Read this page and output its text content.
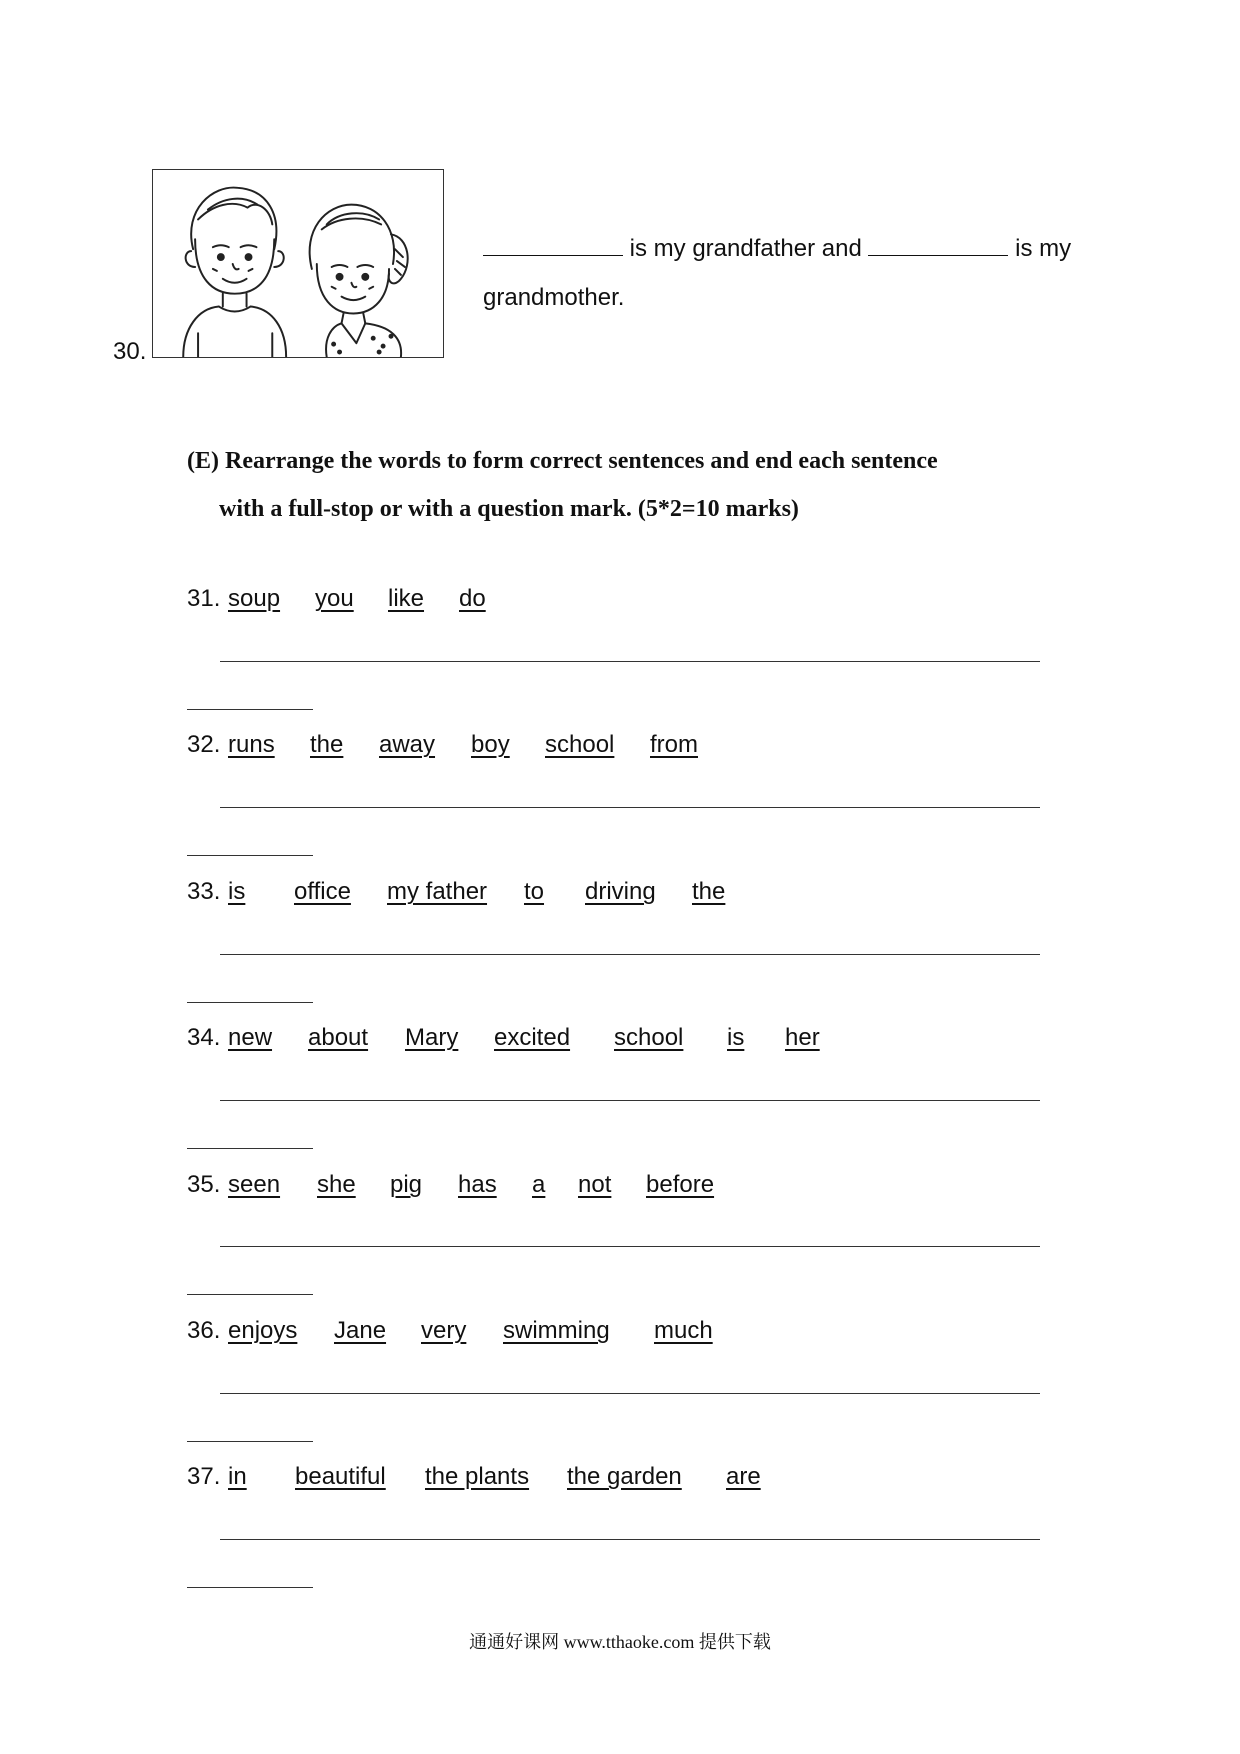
30.
is my grandfather and	is my
grandmother.
(E) Rearrange the words to form correct sentences and end each sentence
with a full-stop or with a question mark. (5*2=10 marks)
31. soup you like do
32. runs the away boy school from
33. is office my father to driving the
34. new about Mary excited school is her
35. seen she pig has a not before
36. enjoys Jane very swimming much
37. in beautiful the plants the garden are
通通好课网 www.tthaoke.com 提供下载
